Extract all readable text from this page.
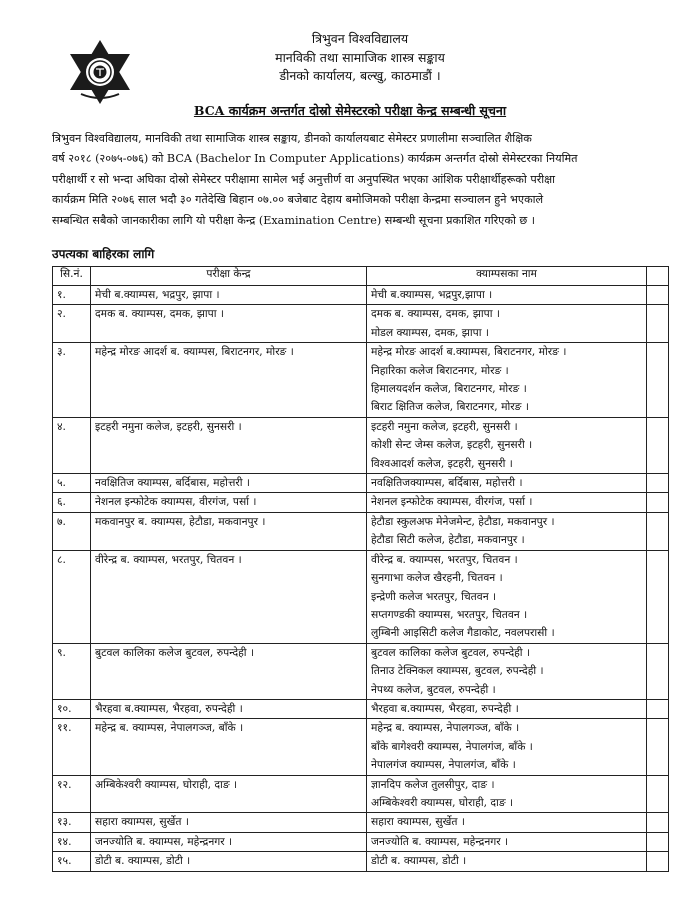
त्रिभुवन विश्वविद्यालय
मानविकी तथा सामाजिक शास्त्र सङ्काय
डीनको कार्यालय, बल्खु, काठमाडौं ।
BCA कार्यक्रम अन्तर्गत दोस्रो सेमेस्टरको परीक्षा केन्द्र सम्बन्धी सूचना
त्रिभुवन विश्वविद्यालय, मानविकी तथा सामाजिक शास्त्र सङ्काय, डीनको कार्यालयबाट सेमेस्टर प्रणालीमा सञ्चालित शैक्षिक
वर्ष २०१८ (२०७५-०७६) को BCA (Bachelor In Computer Applications) कार्यक्रम अन्तर्गत दोस्रो सेमेस्टरका नियमित
परीक्षार्थी र सो भन्दा अघिका दोस्रो सेमेस्टर परीक्षामा सामेल भई अनुत्तीर्ण वा अनुपस्थित भएका आंशिक परीक्षार्थीहरूको परीक्षा
कार्यक्रम मिति २०७६ साल भदौ ३० गतेदेखि बिहान ०७.०० बजेबाट देहाय बमोजिमको परीक्षा केन्द्रमा सञ्चालन हुने भएकाले
सम्बन्धित सबैको जानकारीका लागि यो परीक्षा केन्द्र (Examination Centre) सम्बन्धी सूचना प्रकाशित गरिएको छ ।
उपत्यका बाहिरका लागि
सि.नं.	परीक्षा केन्द्र	क्याम्पसका नाम	
१.	मेची ब.क्याम्पस, भद्रपुर, झापा ।	मेची ब.क्याम्पस, भद्रपुर,झापा ।	

२.	दमक ब. क्याम्पस, दमक, झापा ।	दमक ब. क्याम्पस, दमक, झापा ।
मोडल क्याम्पस, दमक, झापा ।	

३.	महेन्द्र मोरङ आदर्श ब. क्याम्पस, बिराटनगर, मोरङ ।	महेन्द्र मोरङ आदर्श ब.क्याम्पस, बिराटनगर, मोरङ ।
निहारिका कलेज बिराटनगर, मोरङ ।
हिमालयदर्शन कलेज, बिराटनगर, मोरङ ।
बिराट क्षितिज कलेज, बिराटनगर, मोरङ ।	

४.	इटहरी नमुना कलेज, इटहरी, सुनसरी ।	इटहरी नमुना कलेज, इटहरी, सुनसरी ।
कोशी सेन्ट जेम्स कलेज, इटहरी, सुनसरी ।
विश्वआदर्श कलेज, इटहरी, सुनसरी ।	

५.	नवक्षितिज क्याम्पस, बर्दिबास, महोत्तरी ।	नवक्षितिजक्याम्पस, बर्दिबास, महोत्तरी ।	

६.	नेशनल इन्फोटेक क्याम्पस, वीरगंज, पर्सा ।	नेशनल इन्फोटेक क्याम्पस, वीरगंज, पर्सा ।	

७.	मकवानपुर ब. क्याम्पस, हेटौडा, मकवानपुर ।	हेटौडा स्कुलअफ मेनेजमेन्ट, हेटौडा, मकवानपुर ।
हेटौडा सिटी कलेज, हेटौडा, मकवानपुर ।	

८.	वीरेन्द्र ब. क्याम्पस, भरतपुर, चितवन ।	वीरेन्द्र ब. क्याम्पस, भरतपुर, चितवन ।
सुनगाभा कलेज खैरहनी, चितवन ।
इन्द्रेणी कलेज भरतपुर, चितवन ।
सप्तगण्डकी क्याम्पस, भरतपुर, चितवन ।
लुम्बिनी आइसिटी कलेज गैडाकोट, नवलपरासी ।	

९.	बुटवल कालिका कलेज बुटवल, रुपन्देही ।	बुटवल कालिका कलेज बुटवल, रुपन्देही ।
तिनाउ टेक्निकल क्याम्पस, बुटवल, रुपन्देही ।
नेपथ्य कलेज, बुटवल, रुपन्देही ।	

१०.	भैरहवा ब.क्याम्पस, भैरहवा, रुपन्देही ।	भैरहवा ब.क्याम्पस, भैरहवा, रुपन्देही ।	

११.	महेन्द्र ब. क्याम्पस, नेपालगञ्ज, बाँके ।	महेन्द्र ब. क्याम्पस, नेपालगञ्ज, बाँके ।
बाँके बागेश्वरी क्याम्पस, नेपालगंज, बाँके ।
नेपालगंज क्याम्पस, नेपालगंज, बाँके ।	

१२.	अम्बिकेश्वरी क्याम्पस, घोराही, दाङ ।	ज्ञानदिप कलेज तुलसीपुर, दाङ ।
अम्बिकेश्वरी क्याम्पस, घोराही, दाङ ।	

१३.	सहारा क्याम्पस, सुर्खेत ।	सहारा क्याम्पस, सुर्खेत ।	

१४.	जनज्योति ब. क्याम्पस, महेन्द्रनगर ।	जनज्योति ब. क्याम्पस, महेन्द्रनगर ।	

१५.	डोटी ब. क्याम्पस, डोटी ।	डोटी ब. क्याम्पस, डोटी ।	
